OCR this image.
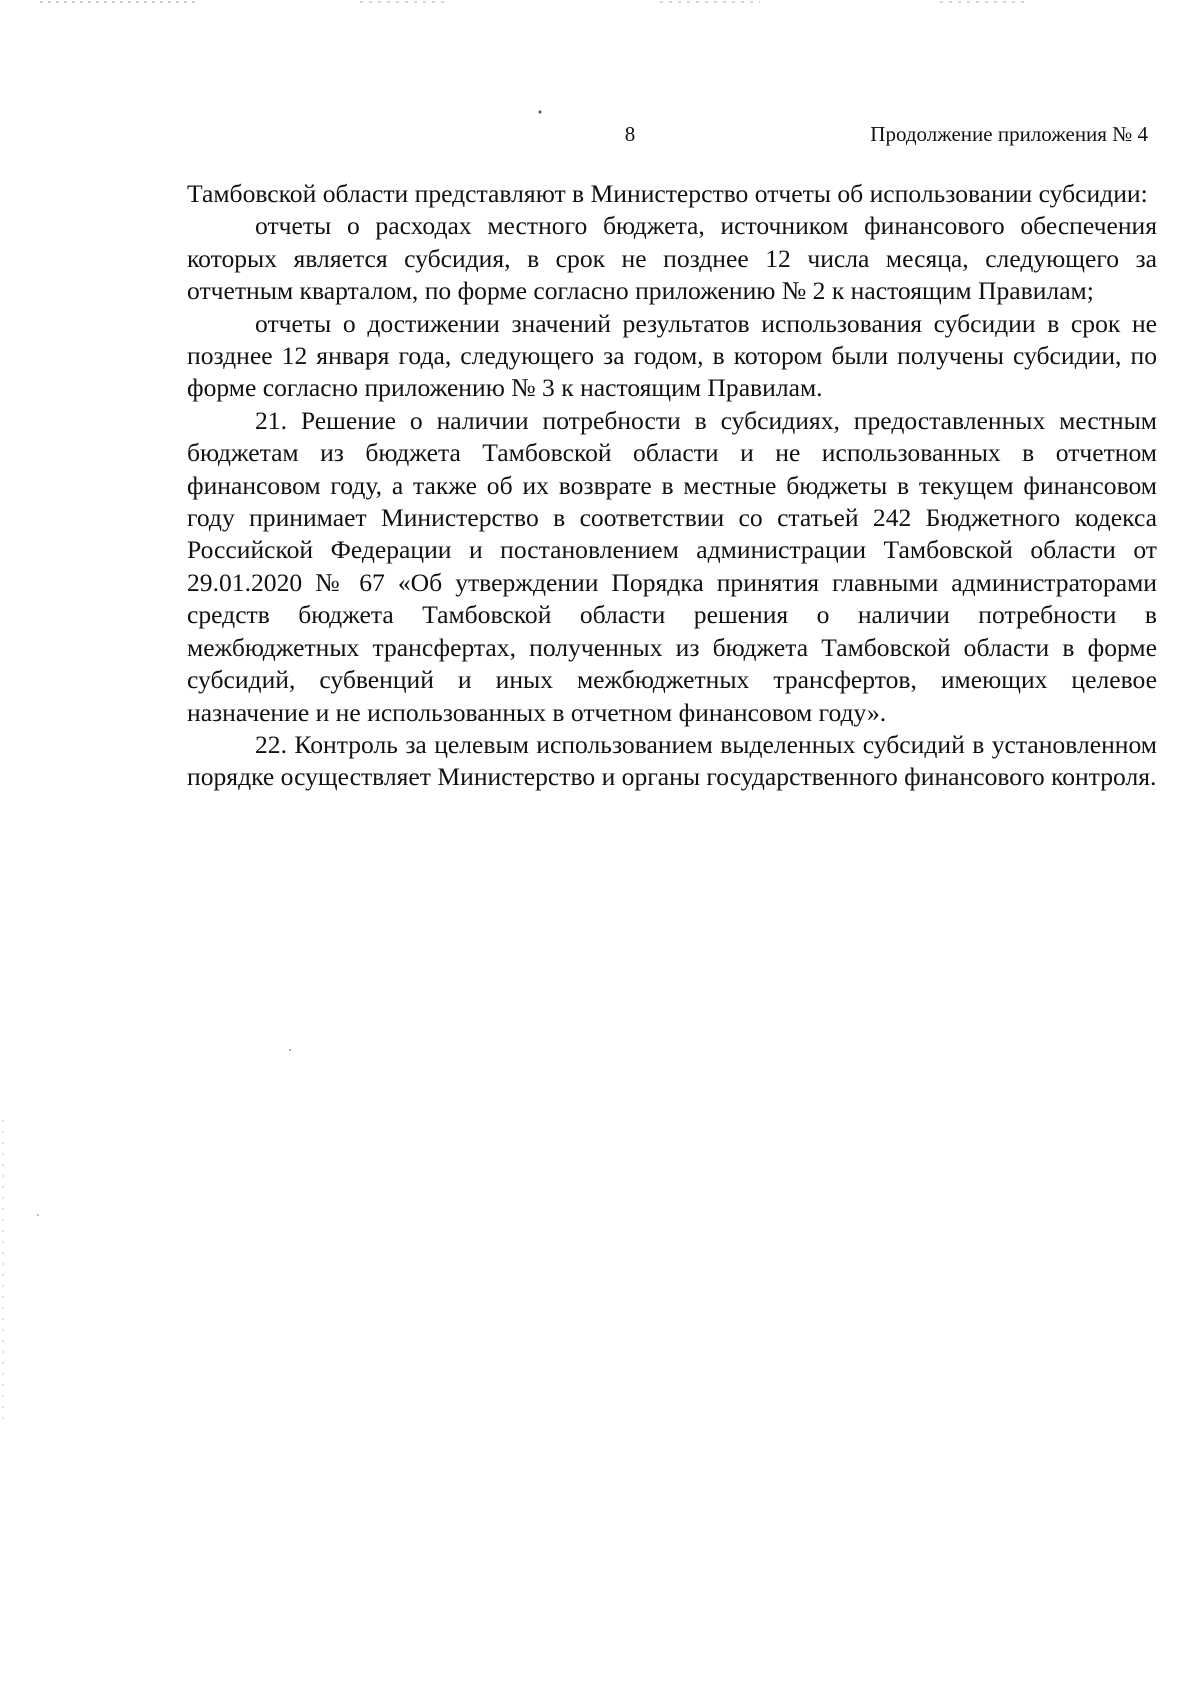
8	Продолжение приложения № 4

Тамбовской области представляют в Министерство отчеты об использовании субсидии:

отчеты о расходах местного бюджета, источником финансового обеспечения которых является субсидия, в срок не позднее 12 числа месяца, следующего за отчетным кварталом, по форме согласно приложению № 2 к настоящим Правилам;

отчеты о достижении значений результатов использования субсидии в срок не позднее 12 января года, следующего за годом, в котором были получены субсидии, по форме согласно приложению № 3 к настоящим Правилам.

21. Решение о наличии потребности в субсидиях, предоставленных местным бюджетам из бюджета Тамбовской области и не использованных в отчетном финансовом году, а также об их возврате в местные бюджеты в текущем финансовом году принимает Министерство в соответствии со статьей 242 Бюджетного кодекса Российской Федерации и постановлением администрации Тамбовской области от 29.01.2020 № 67 «Об утверждении Порядка принятия главными администраторами средств бюджета Тамбовской области решения о наличии потребности в межбюджетных трансфертах, полученных из бюджета Тамбовской области в форме субсидий, субвенций и иных межбюджетных трансфертов, имеющих целевое назначение и не использованных в отчетном финансовом году».

22. Контроль за целевым использованием выделенных субсидий в установленном порядке осуществляет Министерство и органы государственного финансового контроля.
